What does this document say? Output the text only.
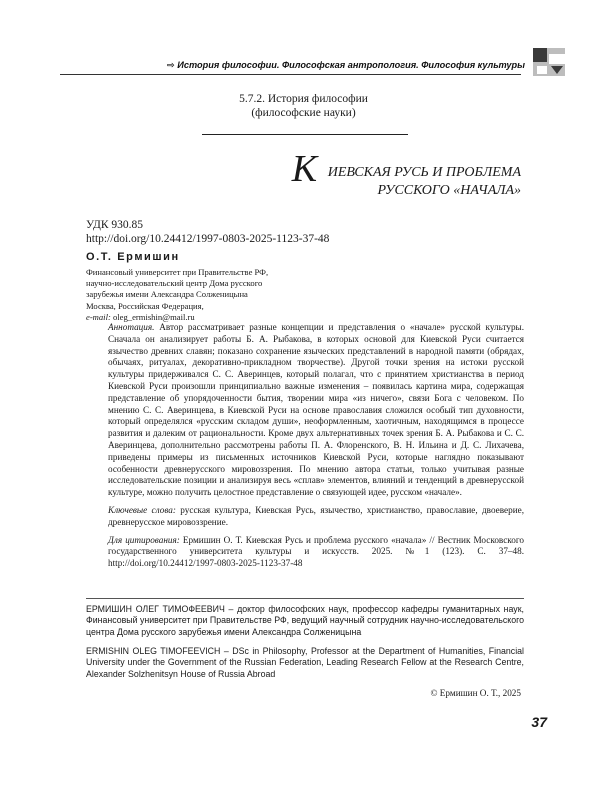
⇨ История философии. Философская антропология. Философия культуры
5.7.2. История философии
(философские науки)
К ИЕВСКАЯ РУСЬ И ПРОБЛЕМА
РУССКОГО «НАЧАЛА»
УДК 930.85
http://doi.org/10.24412/1997-0803-2025-1123-37-48
О.Т. Ермишин
Финансовый университет при Правительстве РФ,
научно-исследовательский центр Дома русского
зарубежья имени Александра Солженицына
Москва, Российская Федерация,
e-mail: oleg_ermishin@mail.ru

Аннотация. Автор рассматривает разные концепции и представления о «начале» русской культуры. Сначала он анализирует работы Б. А. Рыбакова, в которых основой для Киевской Руси считается язычество древних славян; показано сохранение языческих представлений в народной памяти (обрядах, обычаях, ритуалах, декоративно-прикладном творчестве). Другой точки зрения на истоки русской культуры придерживался С. С. Аверинцев, который полагал, что с принятием христианства в период Киевской Руси произошли принципиально важные изменения – появилась картина мира, содержащая представление об упорядоченности бытия, творении мира «из ничего», связи Бога с человеком. По мнению С. С. Аверинцева, в Киевской Руси на основе православия сложился особый тип духовности, который определялся «русским складом души», неоформленным, хаотичным, находящимся в процессе развития и далеким от рациональности. Кроме двух альтернативных точек зрения Б. А. Рыбакова и С. С. Аверинцева, дополнительно рассмотрены работы П. А. Флоренского, В. Н. Ильина и Д. С. Лихачева, приведены примеры из письменных источников Киевской Руси, которые наглядно показывают особенности древнерусского мировоззрения. По мнению автора статьи, только учитывая разные исследовательские позиции и анализируя весь «сплав» элементов, влияний и тенденций в древнерусской культуре, можно получить целостное представление о связующей идее, русском «начале».

Ключевые слова: русская культура, Киевская Русь, язычество, христианство, православие, двоеверие, древнерусское мировоззрение.

Для цитирования: Ермишин О. Т. Киевская Русь и проблема русского «начала» // Вестник Московского государственного университета культуры и искусств. 2025. №1 (123). С. 37–48. http://doi.org/10.24412/1997-0803-2025-1123-37-48

ЕРМИШИН ОЛЕГ ТИМОФЕЕВИЧ – доктор философских наук, профессор кафедры гуманитарных наук, Финансовый университет при Правительстве РФ, ведущий научный сотрудник научно-исследовательского центра Дома русского зарубежья имени Александра Солженицына
ERMISHIN OLEG TIMOFEEVICH – DSc in Philosophy, Professor at the Department of Humanities, Financial University under the Government of the Russian Federation, Leading Research Fellow at the Research Centre, Alexander Solzhenitsyn House of Russia Abroad
© Ермишин О. Т., 2025
37
